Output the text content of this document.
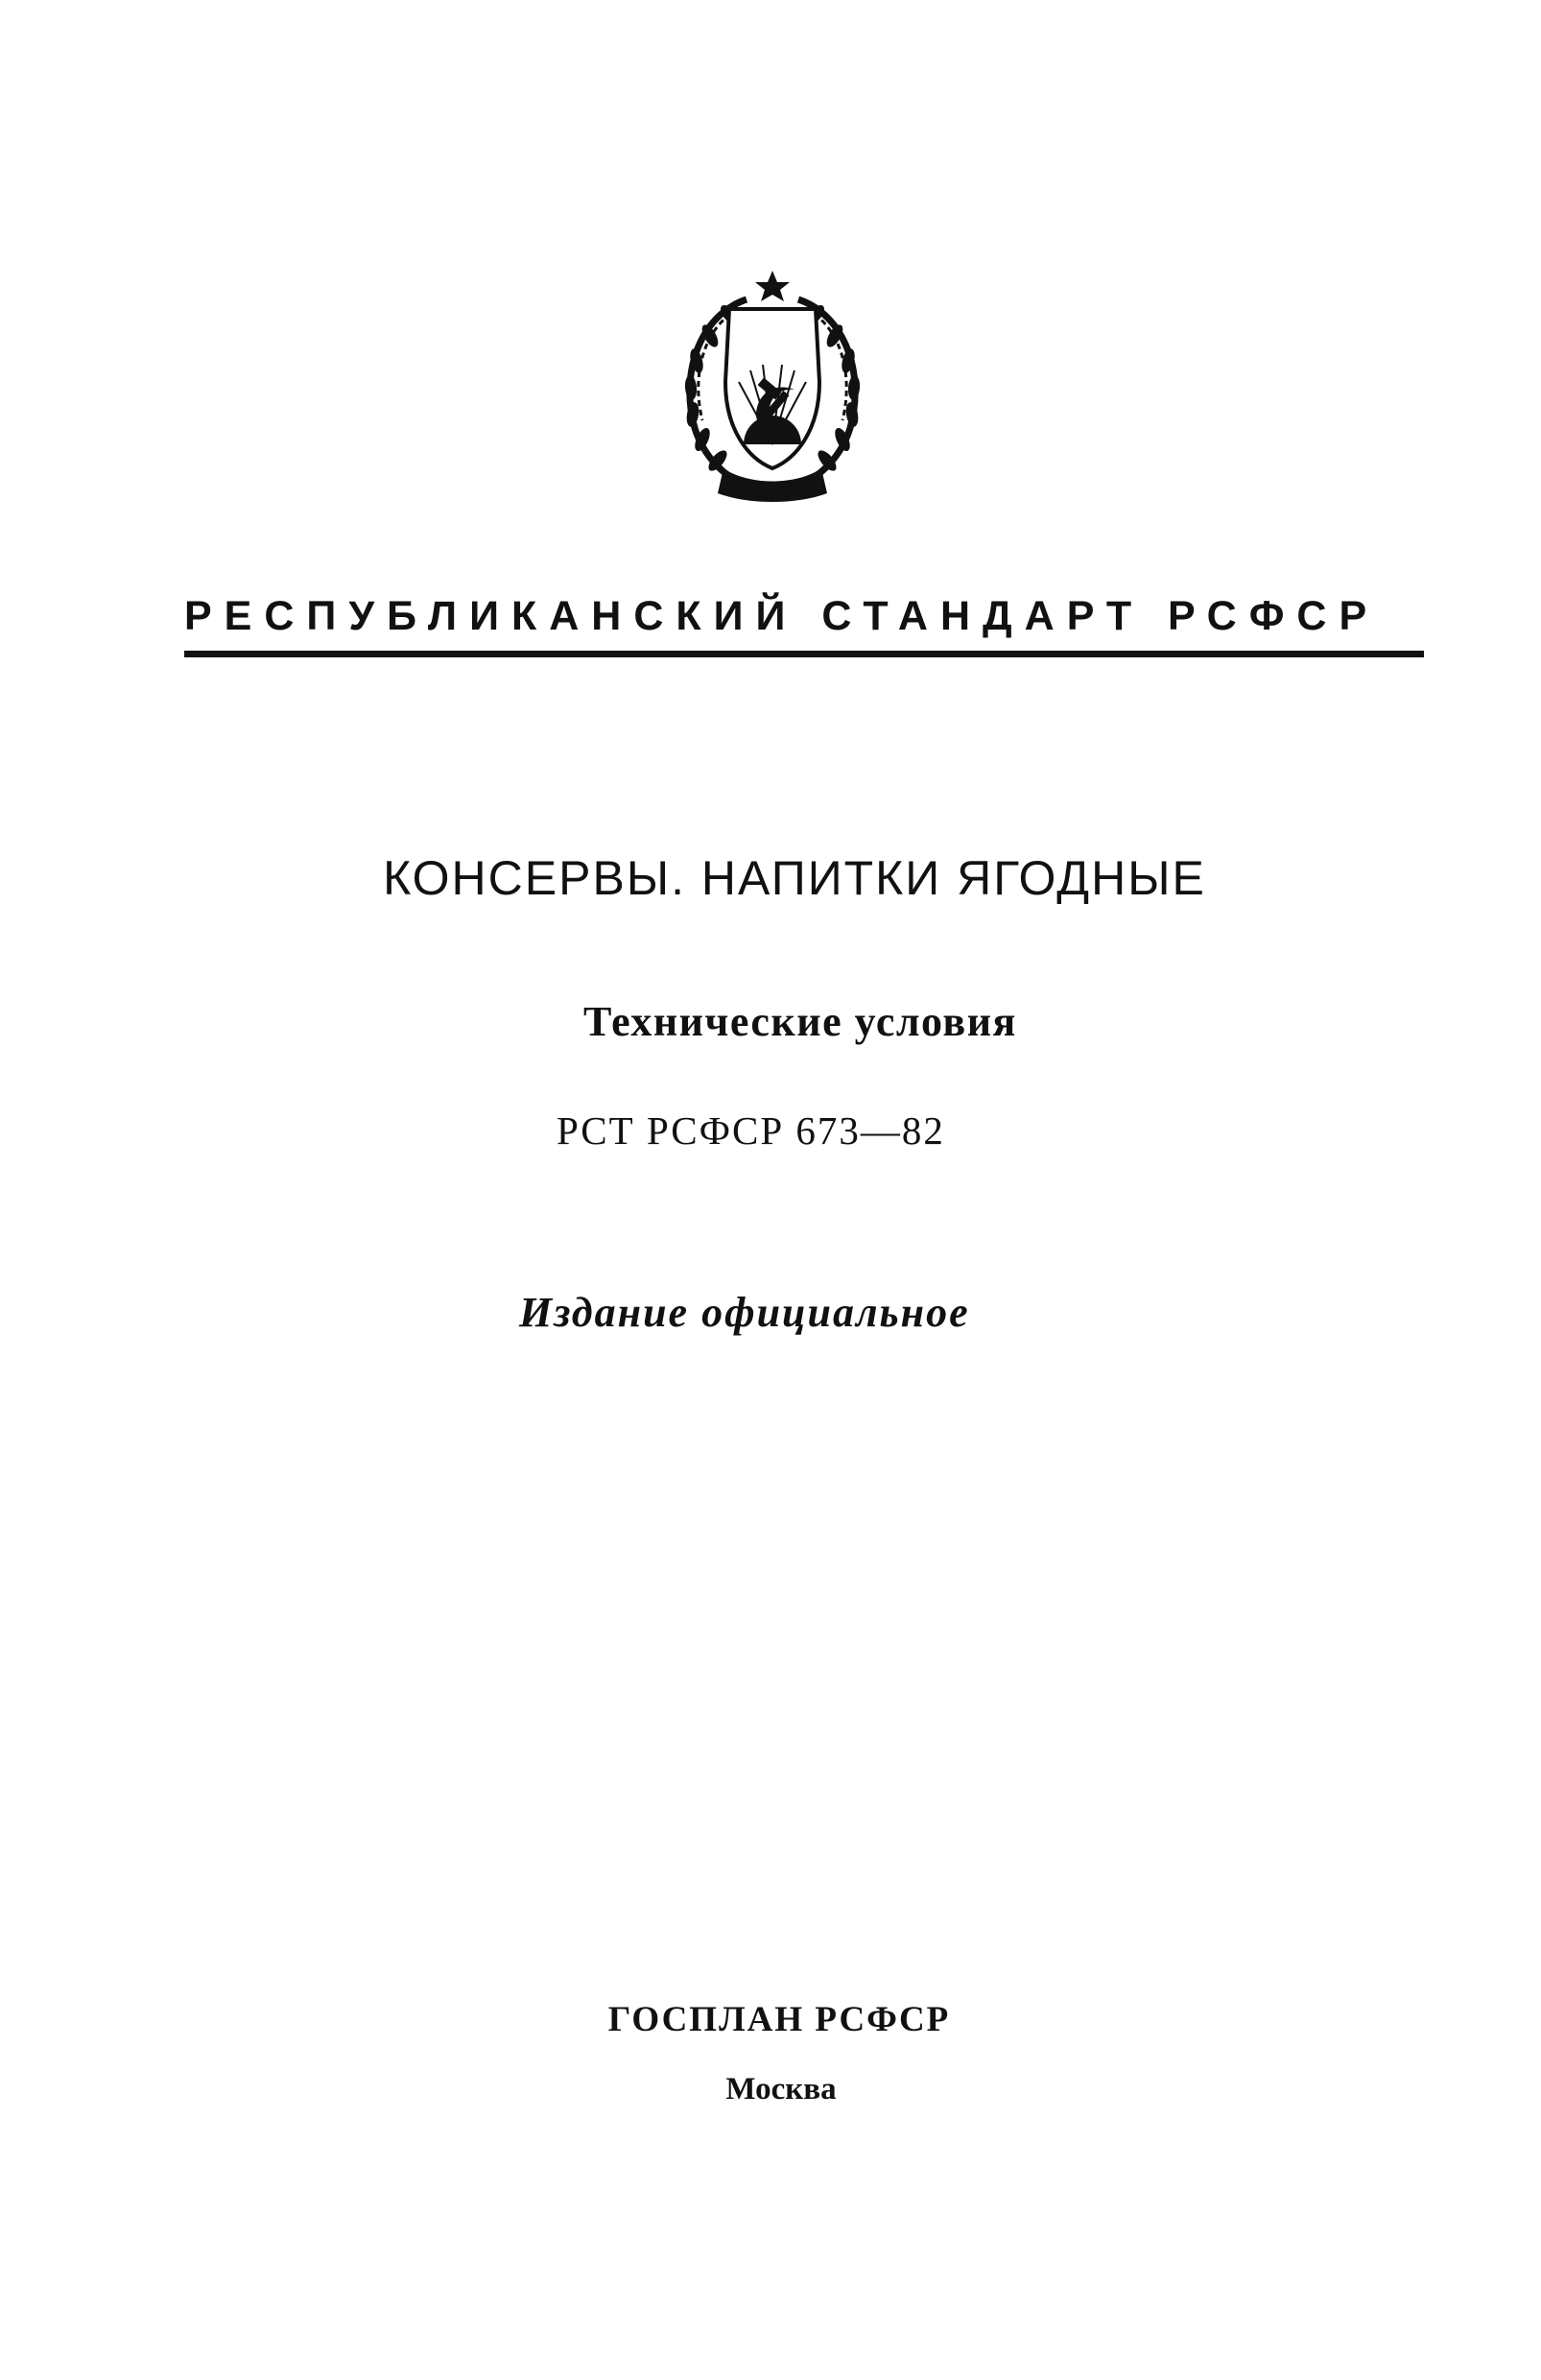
РЕСПУБЛИКАНСКИЙ СТАНДАРТ РСФСР
КОНСЕРВЫ. НАПИТКИ ЯГОДНЫЕ
Технические условия
РСТ РСФСР 673—82
Издание официальное
ГОСПЛАН РСФСР
Москва
